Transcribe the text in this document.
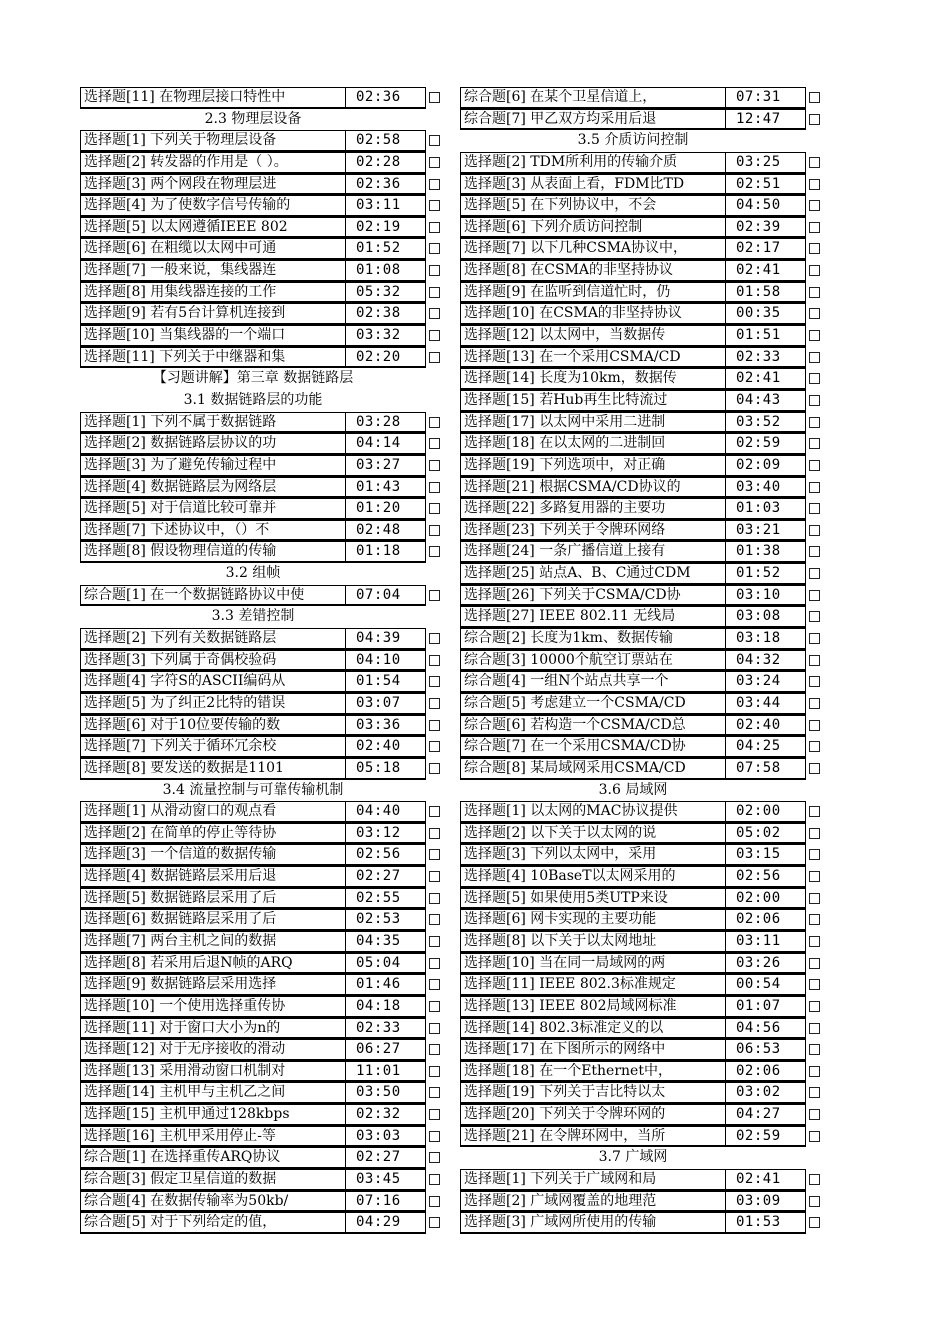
选择题[11] 在物理层接口特性中	02:36
2.3 物理层设备
选择题[1] 下列关于物理层设备	02:58
选择题[2] 转发器的作用是（ ）。	02:28
选择题[3] 两个网段在物理层进	02:36
选择题[4] 为了使数字信号传输的	03:11
选择题[5] 以太网遵循IEEE 802	02:19
选择题[6] 在粗缆以太网中可通	01:52
选择题[7] 一般来说，集线器连	01:08
选择题[8] 用集线器连接的工作	05:32
选择题[9] 若有5台计算机连接到	02:38
选择题[10] 当集线器的一个端口	03:32
选择题[11] 下列关于中继器和集	02:20
【习题讲解】第三章 数据链路层
3.1 数据链路层的功能
选择题[1] 下列不属于数据链路	03:28
选择题[2] 数据链路层协议的功	04:14
选择题[3] 为了避免传输过程中	03:27
选择题[4] 数据链路层为网络层	01:43
选择题[5] 对于信道比较可靠并	01:20
选择题[7] 下述协议中，（）不	02:48
选择题[8] 假设物理信道的传输	01:18
3.2 组帧
综合题[1] 在一个数据链路协议中使	07:04
3.3 差错控制
选择题[2] 下列有关数据链路层	04:39
选择题[3] 下列属于奇偶校验码	04:10
选择题[4] 字符S的ASCII编码从	01:54
选择题[5] 为了纠正2比特的错误	03:07
选择题[6] 对于10位要传输的数	03:36
选择题[7] 下列关于循环冗余校	02:40
选择题[8] 要发送的数据是1101	05:18
3.4 流量控制与可靠传输机制
选择题[1] 从滑动窗口的观点看	04:40
选择题[2] 在简单的停止等待协	03:12
选择题[3] 一个信道的数据传输	02:56
选择题[4] 数据链路层采用后退	02:27
选择题[5] 数据链路层采用了后	02:55
选择题[6] 数据链路层采用了后	02:53
选择题[7] 两台主机之间的数据	04:35
选择题[8] 若采用后退N帧的ARQ	05:04
选择题[9] 数据链路层采用选择	01:46
选择题[10] 一个使用选择重传协	04:18
选择题[11] 对于窗口大小为n的	02:33
选择题[12] 对于无序接收的滑动	06:27
选择题[13] 采用滑动窗口机制对	11:01
选择题[14] 主机甲与主机乙之间	03:50
选择题[15] 主机甲通过128kbps	02:32
选择题[16] 主机甲采用停止-等	03:03
综合题[1] 在选择重传ARQ协议	02:27
综合题[3] 假定卫星信道的数据	03:45
综合题[4] 在数据传输率为50kb/	07:16
综合题[5] 对于下列给定的值，	04:29
综合题[6] 在某个卫星信道上，	07:31
综合题[7] 甲乙双方均采用后退	12:47
3.5 介质访问控制
选择题[2] TDM所利用的传输介质	03:25
选择题[3] 从表面上看，FDM比TD	02:51
选择题[5] 在下列协议中，不会	04:50
选择题[6] 下列介质访问控制	02:39
选择题[7] 以下几种CSMA协议中，	02:17
选择题[8] 在CSMA的非坚持协议	02:41
选择题[9] 在监听到信道忙时，仍	01:58
选择题[10] 在CSMA的非坚持协议	00:35
选择题[12] 以太网中，当数据传	01:51
选择题[13] 在一个采用CSMA/CD	02:33
选择题[14] 长度为10km，数据传	02:41
选择题[15] 若Hub再生比特流过	04:43
选择题[17] 以太网中采用二进制	03:52
选择题[18] 在以太网的二进制回	02:59
选择题[19] 下列选项中，对正确	02:09
选择题[21] 根据CSMA/CD协议的	03:40
选择题[22] 多路复用器的主要功	01:03
选择题[23] 下列关于令牌环网络	03:21
选择题[24] 一条广播信道上接有	01:38
选择题[25] 站点A、B、C通过CDM	01:52
选择题[26] 下列关于CSMA/CD协	03:10
选择题[27] IEEE 802.11 无线局	03:08
综合题[2] 长度为1km、数据传输	03:18
综合题[3] 10000个航空订票站在	04:32
综合题[4] 一组N个站点共享一个	03:24
综合题[5] 考虑建立一个CSMA/CD	03:44
综合题[6] 若构造一个CSMA/CD总	02:40
综合题[7] 在一个采用CSMA/CD协	04:25
综合题[8] 某局域网采用CSMA/CD	07:58
3.6 局域网
选择题[1] 以太网的MAC协议提供	02:00
选择题[2] 以下关于以太网的说	05:02
选择题[3] 下列以太网中，采用	03:15
选择题[4] 10BaseT以太网采用的	02:56
选择题[5] 如果使用5类UTP来设	02:00
选择题[6] 网卡实现的主要功能	02:06
选择题[8] 以下关于以太网地址	03:11
选择题[10] 当在同一局域网的两	03:26
选择题[11] IEEE 802.3标准规定	00:54
选择题[13] IEEE 802局域网标准	01:07
选择题[14] 802.3标准定义的以	04:56
选择题[17] 在下图所示的网络中	06:53
选择题[18] 在一个Ethernet中，	02:06
选择题[19] 下列关于吉比特以太	03:02
选择题[20] 下列关于令牌环网的	04:27
选择题[21] 在令牌环网中，当所	02:59
3.7 广域网
选择题[1] 下列关于广域网和局	02:41
选择题[2] 广域网覆盖的地理范	03:09
选择题[3] 广域网所使用的传输	01:53
